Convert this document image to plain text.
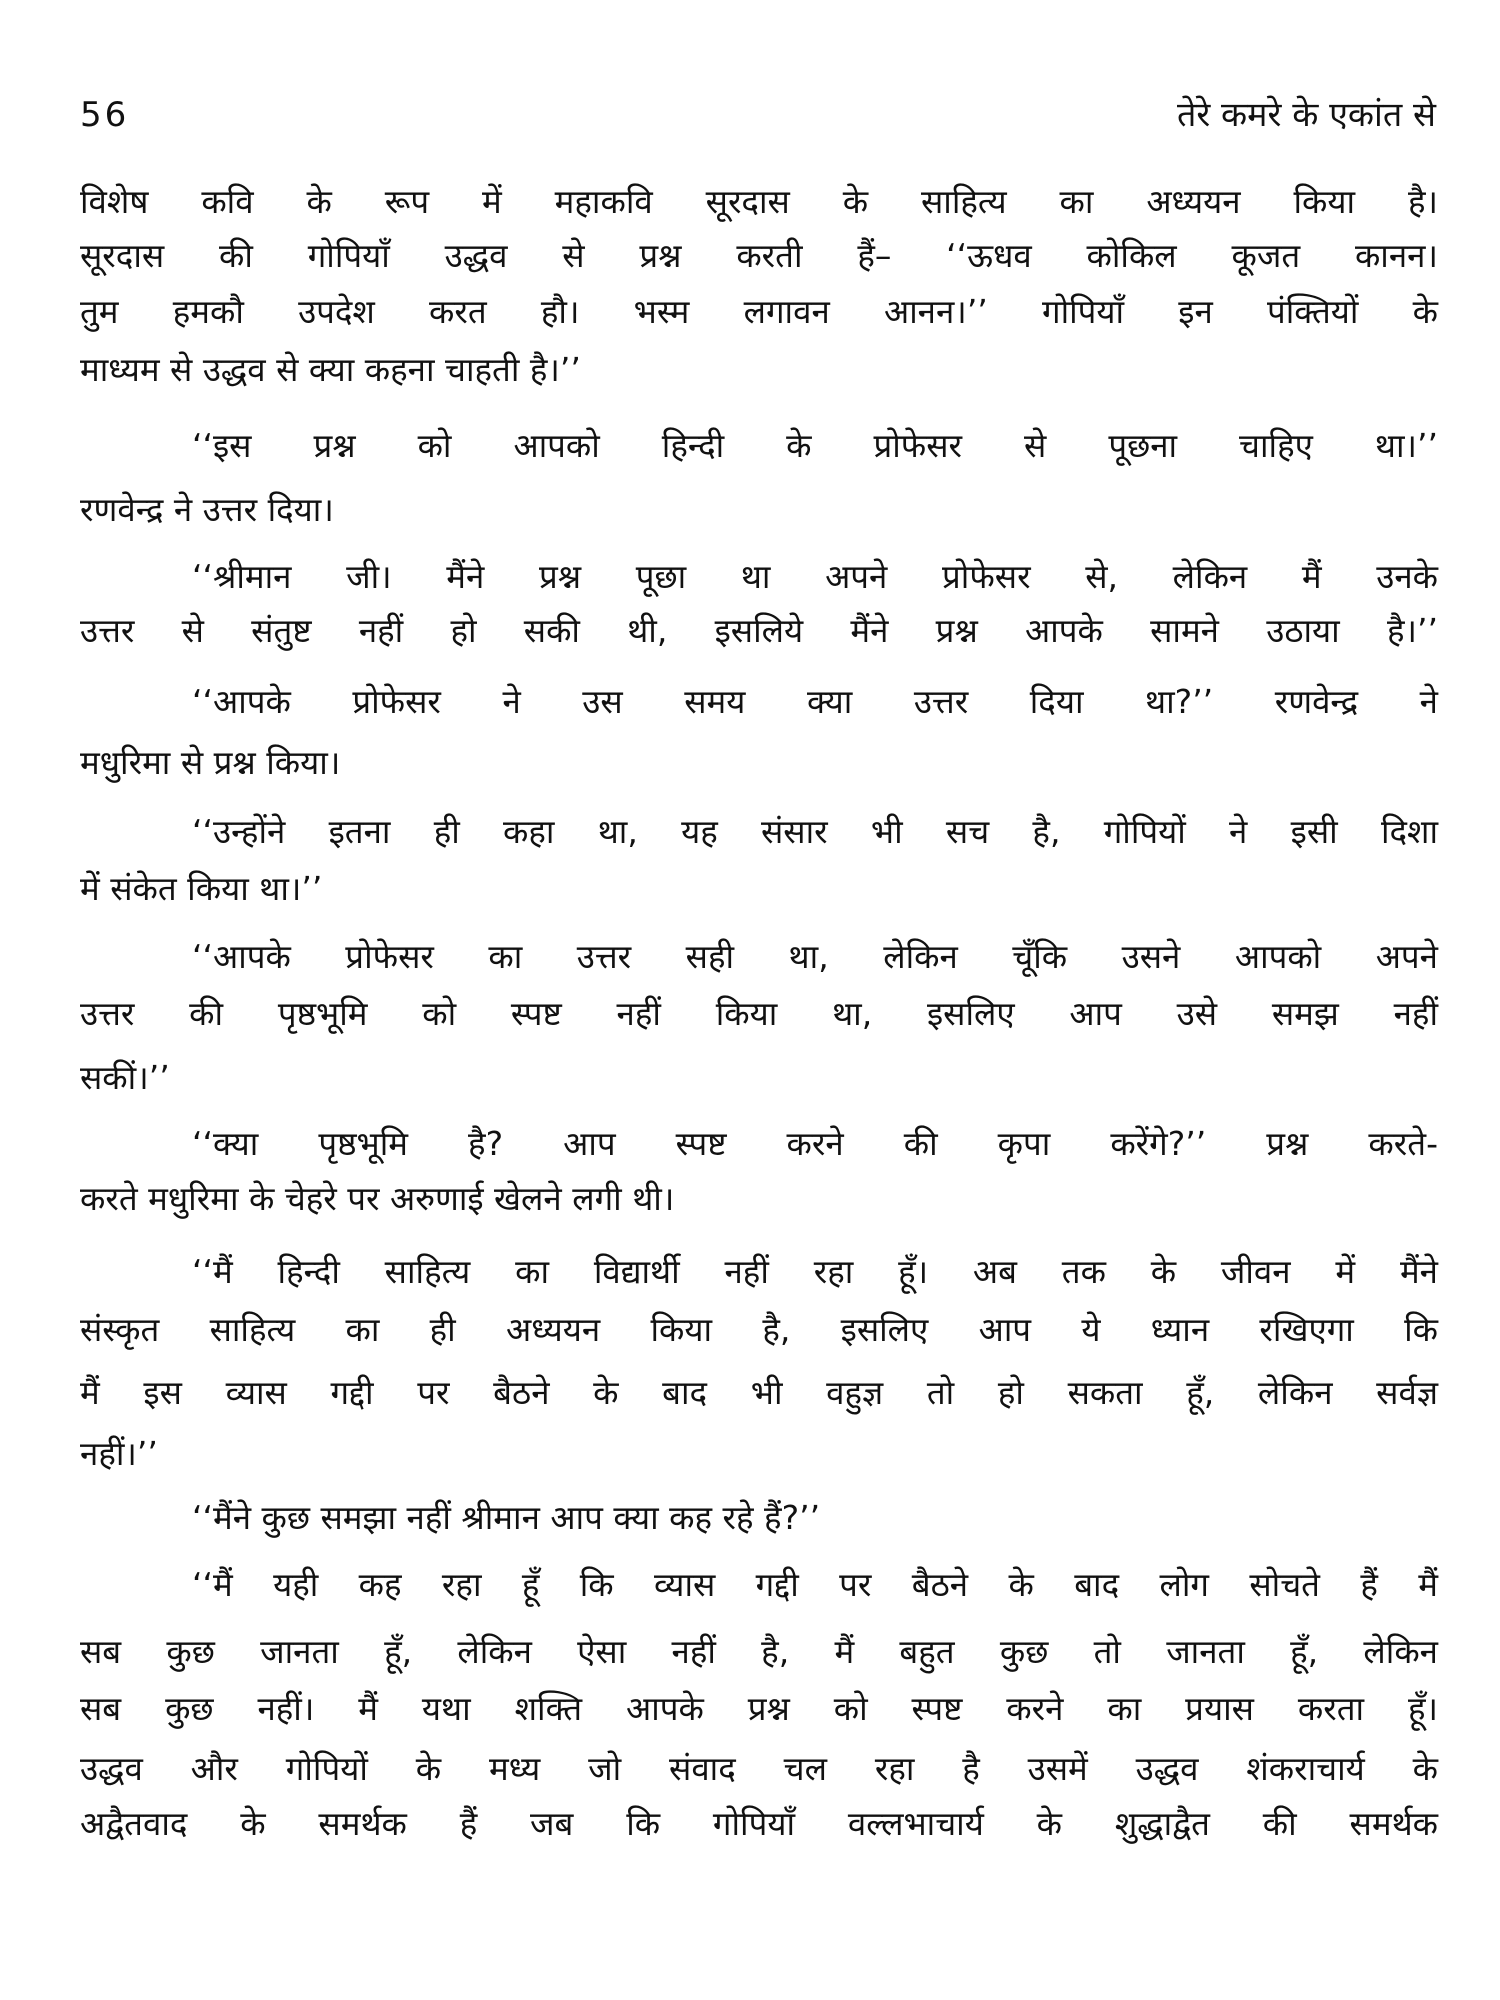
56	तेरे कमरे के एकांत से
विशेष कवि के रूप में महाकवि सूरदास के साहित्य का अध्ययन किया है।
सूरदास की गोपियाँ उद्धव से प्रश्न करती हैं– ‘‘ऊधव कोकिल कूजत कानन।
तुम हमकौ उपदेश करत हौ। भस्म लगावन आनन।’’ गोपियाँ इन पंक्तियों के
माध्यम से उद्धव से क्या कहना चाहती है।’’
‘‘इस प्रश्न को आपको हिन्दी के प्रोफेसर से पूछना चाहिए था।’’
रणवेन्द्र ने उत्तर दिया।
‘‘श्रीमान जी। मैंने प्रश्न पूछा था अपने प्रोफेसर से, लेकिन मैं उनके
उत्तर से संतुष्ट नहीं हो सकी थी, इसलिये मैंने प्रश्न आपके सामने उठाया है।’’
‘‘आपके प्रोफेसर ने उस समय क्या उत्तर दिया था?’’ रणवेन्द्र ने
मधुरिमा से प्रश्न किया।
‘‘उन्होंने इतना ही कहा था, यह संसार भी सच है, गोपियों ने इसी दिशा
में संकेत किया था।’’
‘‘आपके प्रोफेसर का उत्तर सही था, लेकिन चूँकि उसने आपको अपने
उत्तर की पृष्ठभूमि को स्पष्ट नहीं किया था, इसलिए आप उसे समझ नहीं
सकीं।’’
‘‘क्या पृष्ठभूमि है? आप स्पष्ट करने की कृपा करेंगे?’’ प्रश्न करते-
करते मधुरिमा के चेहरे पर अरुणाई खेलने लगी थी।
‘‘मैं हिन्दी साहित्य का विद्यार्थी नहीं रहा हूँ। अब तक के जीवन में मैंने
संस्कृत साहित्य का ही अध्ययन किया है, इसलिए आप ये ध्यान रखिएगा कि
मैं इस व्यास गद्दी पर बैठने के बाद भी वहुज्ञ तो हो सकता हूँ, लेकिन सर्वज्ञ
नहीं।’’
‘‘मैंने कुछ समझा नहीं श्रीमान आप क्या कह रहे हैं?’’
‘‘मैं यही कह रहा हूँ कि व्यास गद्दी पर बैठने के बाद लोग सोचते हैं मैं
सब कुछ जानता हूँ, लेकिन ऐसा नहीं है, मैं बहुत कुछ तो जानता हूँ, लेकिन
सब कुछ नहीं। मैं यथा शक्ति आपके प्रश्न को स्पष्ट करने का प्रयास करता हूँ।
उद्धव और गोपियों के मध्य जो संवाद चल रहा है उसमें उद्धव शंकराचार्य के
अद्वैतवाद के समर्थक हैं जब कि गोपियाँ वल्लभाचार्य के शुद्धाद्वैत की समर्थक
